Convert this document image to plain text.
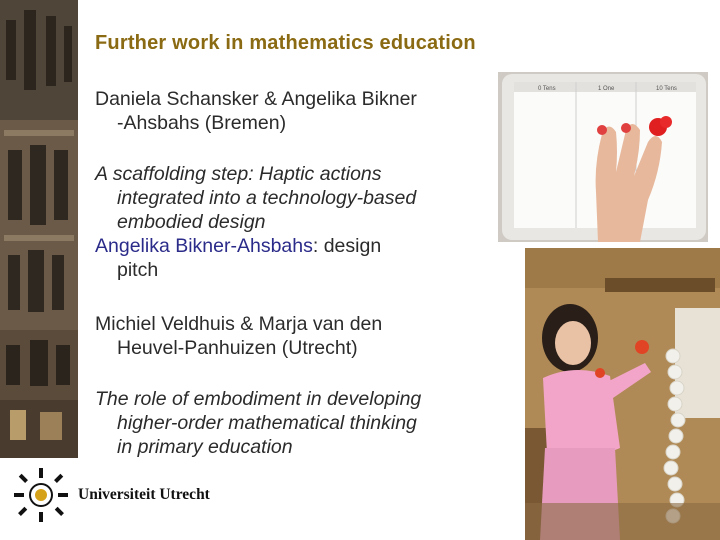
Further work in mathematics education
Daniela Schansker & Angelika Bikner
-Ahsbahs (Bremen)
A scaffolding step: Haptic actions
integrated into a technology-based
embodied design
Angelika Bikner-Ahsbahs: design
pitch
Michiel Veldhuis & Marja van den
Heuvel-Panhuizen (Utrecht)
The role of embodiment in developing
higher-order mathematical thinking
in primary education
0 Tens	1 One	10 Tens
Universiteit Utrecht
